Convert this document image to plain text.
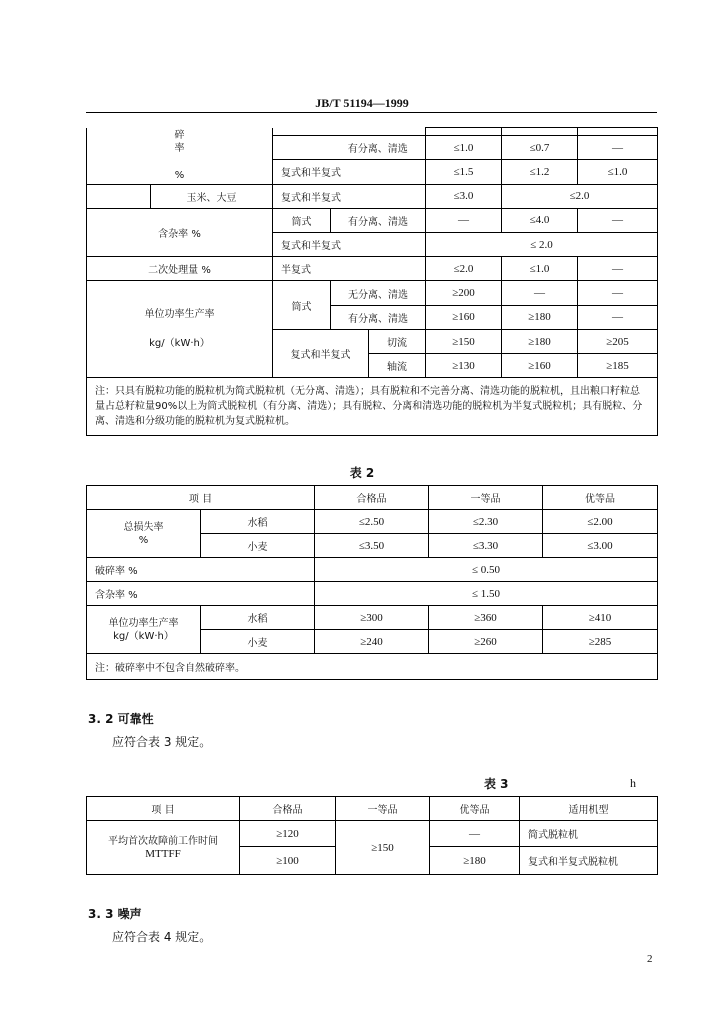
JB/T 51194—1999
碎
率
%							

			有分离、清选		≤1.0	≤0.7	—
		复式和半复式			≤1.5	≤1.2	≤1.0
	玉米、大豆	复式和半复式			≤3.0	≤2.0	
含杂率 %		筒式	有分离、清选		—	≤4.0	—
		复式和半复式			≤ 2.0		
二次处理量 %		半复式			≤2.0	≤1.0	—

单位功率生产率
kg/（kW·h）		筒式	无分离、清选		≥200	—	—
			有分离、清选		≥160	≥180	—
		复式和半复式		切流	≥150	≥180	≥205
				轴流	≥130	≥160	≥185
注：只具有脱粒功能的脱粒机为简式脱粒机（无分离、清选）；具有脱粒和不完善分离、清选功能的脱粒机，且出粮口籽粒总量占总籽粒量90%以上为筒式脱粒机（有分离、清选）；具有脱粒、分离和清选功能的脱粒机为半复式脱粒机；具有脱粒、分离、清选和分级功能的脱粒机为复式脱粒机。							
表 2
项 目		合格品	一等品	优等品

总损失率
%	水稻	≤2.50	≤2.30	≤2.00
	小麦	≤3.50	≤3.30	≤3.00
破碎率 %		≤ 0.50		
含杂率 %		≤ 1.50		

单位功率生产率
kg/（kW·h）	水稻	≥300	≥360	≥410
	小麦	≥240	≥260	≥285
注：破碎率中不包含自然破碎率。				
3. 2 可靠性
应符合表 3 规定。
表 3	h
项 目	合格品	一等品	优等品	适用机型

平均首次故障前工作时间
MTTFF	≥120	≥150	—	简式脱粒机
	≥100		≥180	复式和半复式脱粒机
3. 3 噪声
应符合表 4 规定。
2
